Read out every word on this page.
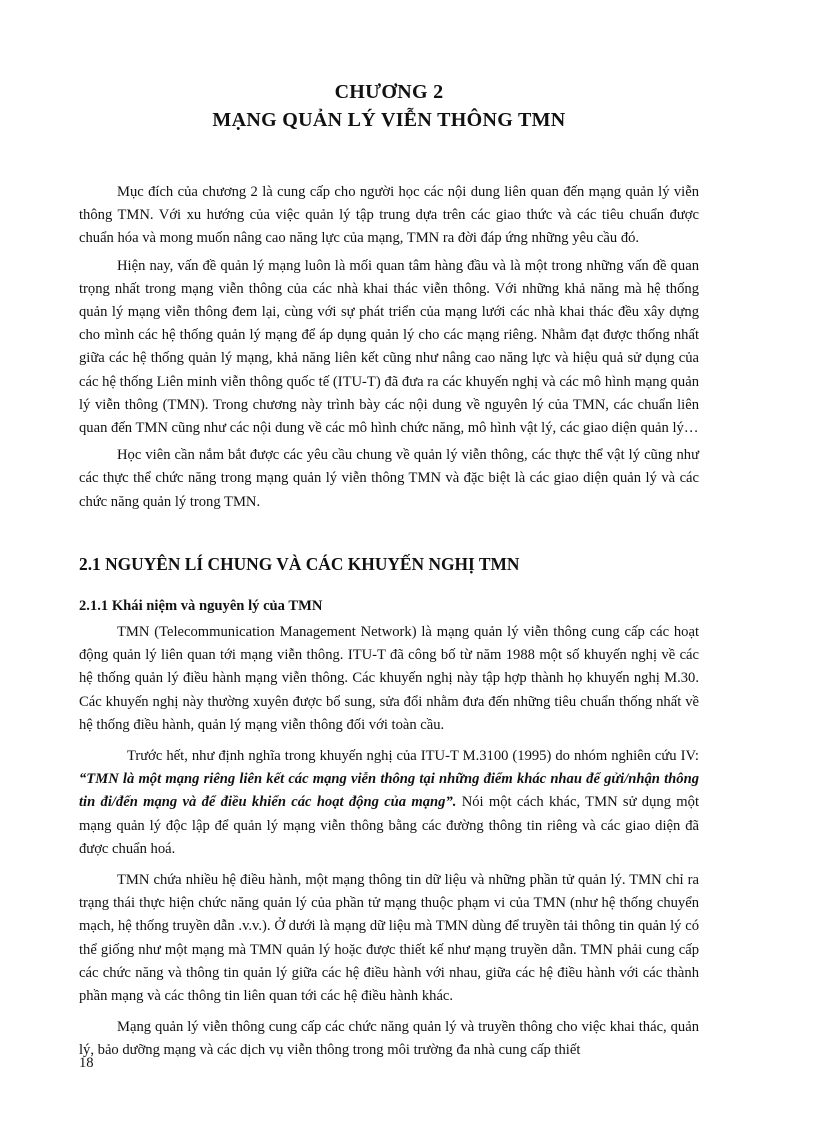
CHƯƠNG 2
MẠNG QUẢN LÝ VIỄN THÔNG TMN

Mục đích của chương 2 là cung cấp cho người học các nội dung liên quan đến mạng quản lý viễn thông TMN. Với xu hướng của việc quản lý tập trung dựa trên các giao thức và các tiêu chuẩn được chuẩn hóa và mong muốn nâng cao năng lực của mạng, TMN ra đời đáp ứng những yêu cầu đó.

Hiện nay, vấn đề quản lý mạng luôn là mối quan tâm hàng đầu và là một trong những vấn đề quan trọng nhất trong mạng viễn thông của các nhà khai thác viễn thông. Với những khả năng mà hệ thống quản lý mạng viễn thông đem lại, cùng với sự phát triển của mạng lưới các nhà khai thác đều xây dựng cho mình các hệ thống quản lý mạng để áp dụng quản lý cho các mạng riêng. Nhằm đạt được thống nhất giữa các hệ thống quản lý mạng, khả năng liên kết cũng như nâng cao năng lực và hiệu quả sử dụng của các hệ thống Liên minh viễn thông quốc tế (ITU-T) đã đưa ra các khuyến nghị và các mô hình mạng quản lý viễn thông (TMN). Trong chương này trình bày các nội dung về nguyên lý của TMN, các chuẩn liên quan đến TMN cũng như các nội dung về các mô hình chức năng, mô hình vật lý, các giao diện quản lý…

Học viên cần nắm bắt được các yêu cầu chung về quản lý viễn thông, các thực thể vật lý cũng như các thực thể chức năng trong mạng quản lý viễn thông TMN và đặc biệt là các giao diện quản lý và các chức năng quản lý trong TMN.

2.1 NGUYÊN LÍ CHUNG VÀ CÁC KHUYẾN NGHỊ TMN
2.1.1 Khái niệm và nguyên lý của TMN

TMN (Telecommunication Management Network) là mạng quản lý viễn thông cung cấp các hoạt động quản lý liên quan tới mạng viễn thông. ITU-T đã công bố từ năm 1988 một số khuyến nghị về các hệ thống quản lý điều hành mạng viễn thông. Các khuyến nghị này tập hợp thành họ khuyến nghị M.30. Các khuyến nghị này thường xuyên được bổ sung, sửa đổi nhằm đưa đến những tiêu chuẩn thống nhất về hệ thống điều hành, quản lý mạng viễn thông đối với toàn cầu.

Trước hết, như định nghĩa trong khuyến nghị của ITU-T M.3100 (1995) do nhóm nghiên cứu IV: “TMN là một mạng riêng liên kết các mạng viễn thông tại những điểm khác nhau để gửi/nhận thông tin đi/đến mạng và để điều khiển các hoạt động của mạng”. Nói một cách khác, TMN sử dụng một mạng quản lý độc lập để quản lý mạng viễn thông bằng các đường thông tin riêng và các giao diện đã được chuẩn hoá.

TMN chứa nhiều hệ điều hành, một mạng thông tin dữ liệu và những phần tử quản lý. TMN chỉ ra trạng thái thực hiện chức năng quản lý của phần tử mạng thuộc phạm vi của TMN (như hệ thống chuyển mạch, hệ thống truyền dẫn .v.v.). Ở dưới là mạng dữ liệu mà TMN dùng để truyền tải thông tin quản lý có thể giống như một mạng mà TMN quản lý hoặc được thiết kế như mạng truyền dẫn. TMN phải cung cấp các chức năng và thông tin quản lý giữa các hệ điều hành với nhau, giữa các hệ điều hành với các thành phần mạng và các thông tin liên quan tới các hệ điều hành khác.

Mạng quản lý viễn thông cung cấp các chức năng quản lý và truyền thông cho việc khai thác, quản lý, bảo dưỡng mạng và các dịch vụ viễn thông trong môi trường đa nhà cung cấp thiết

18
